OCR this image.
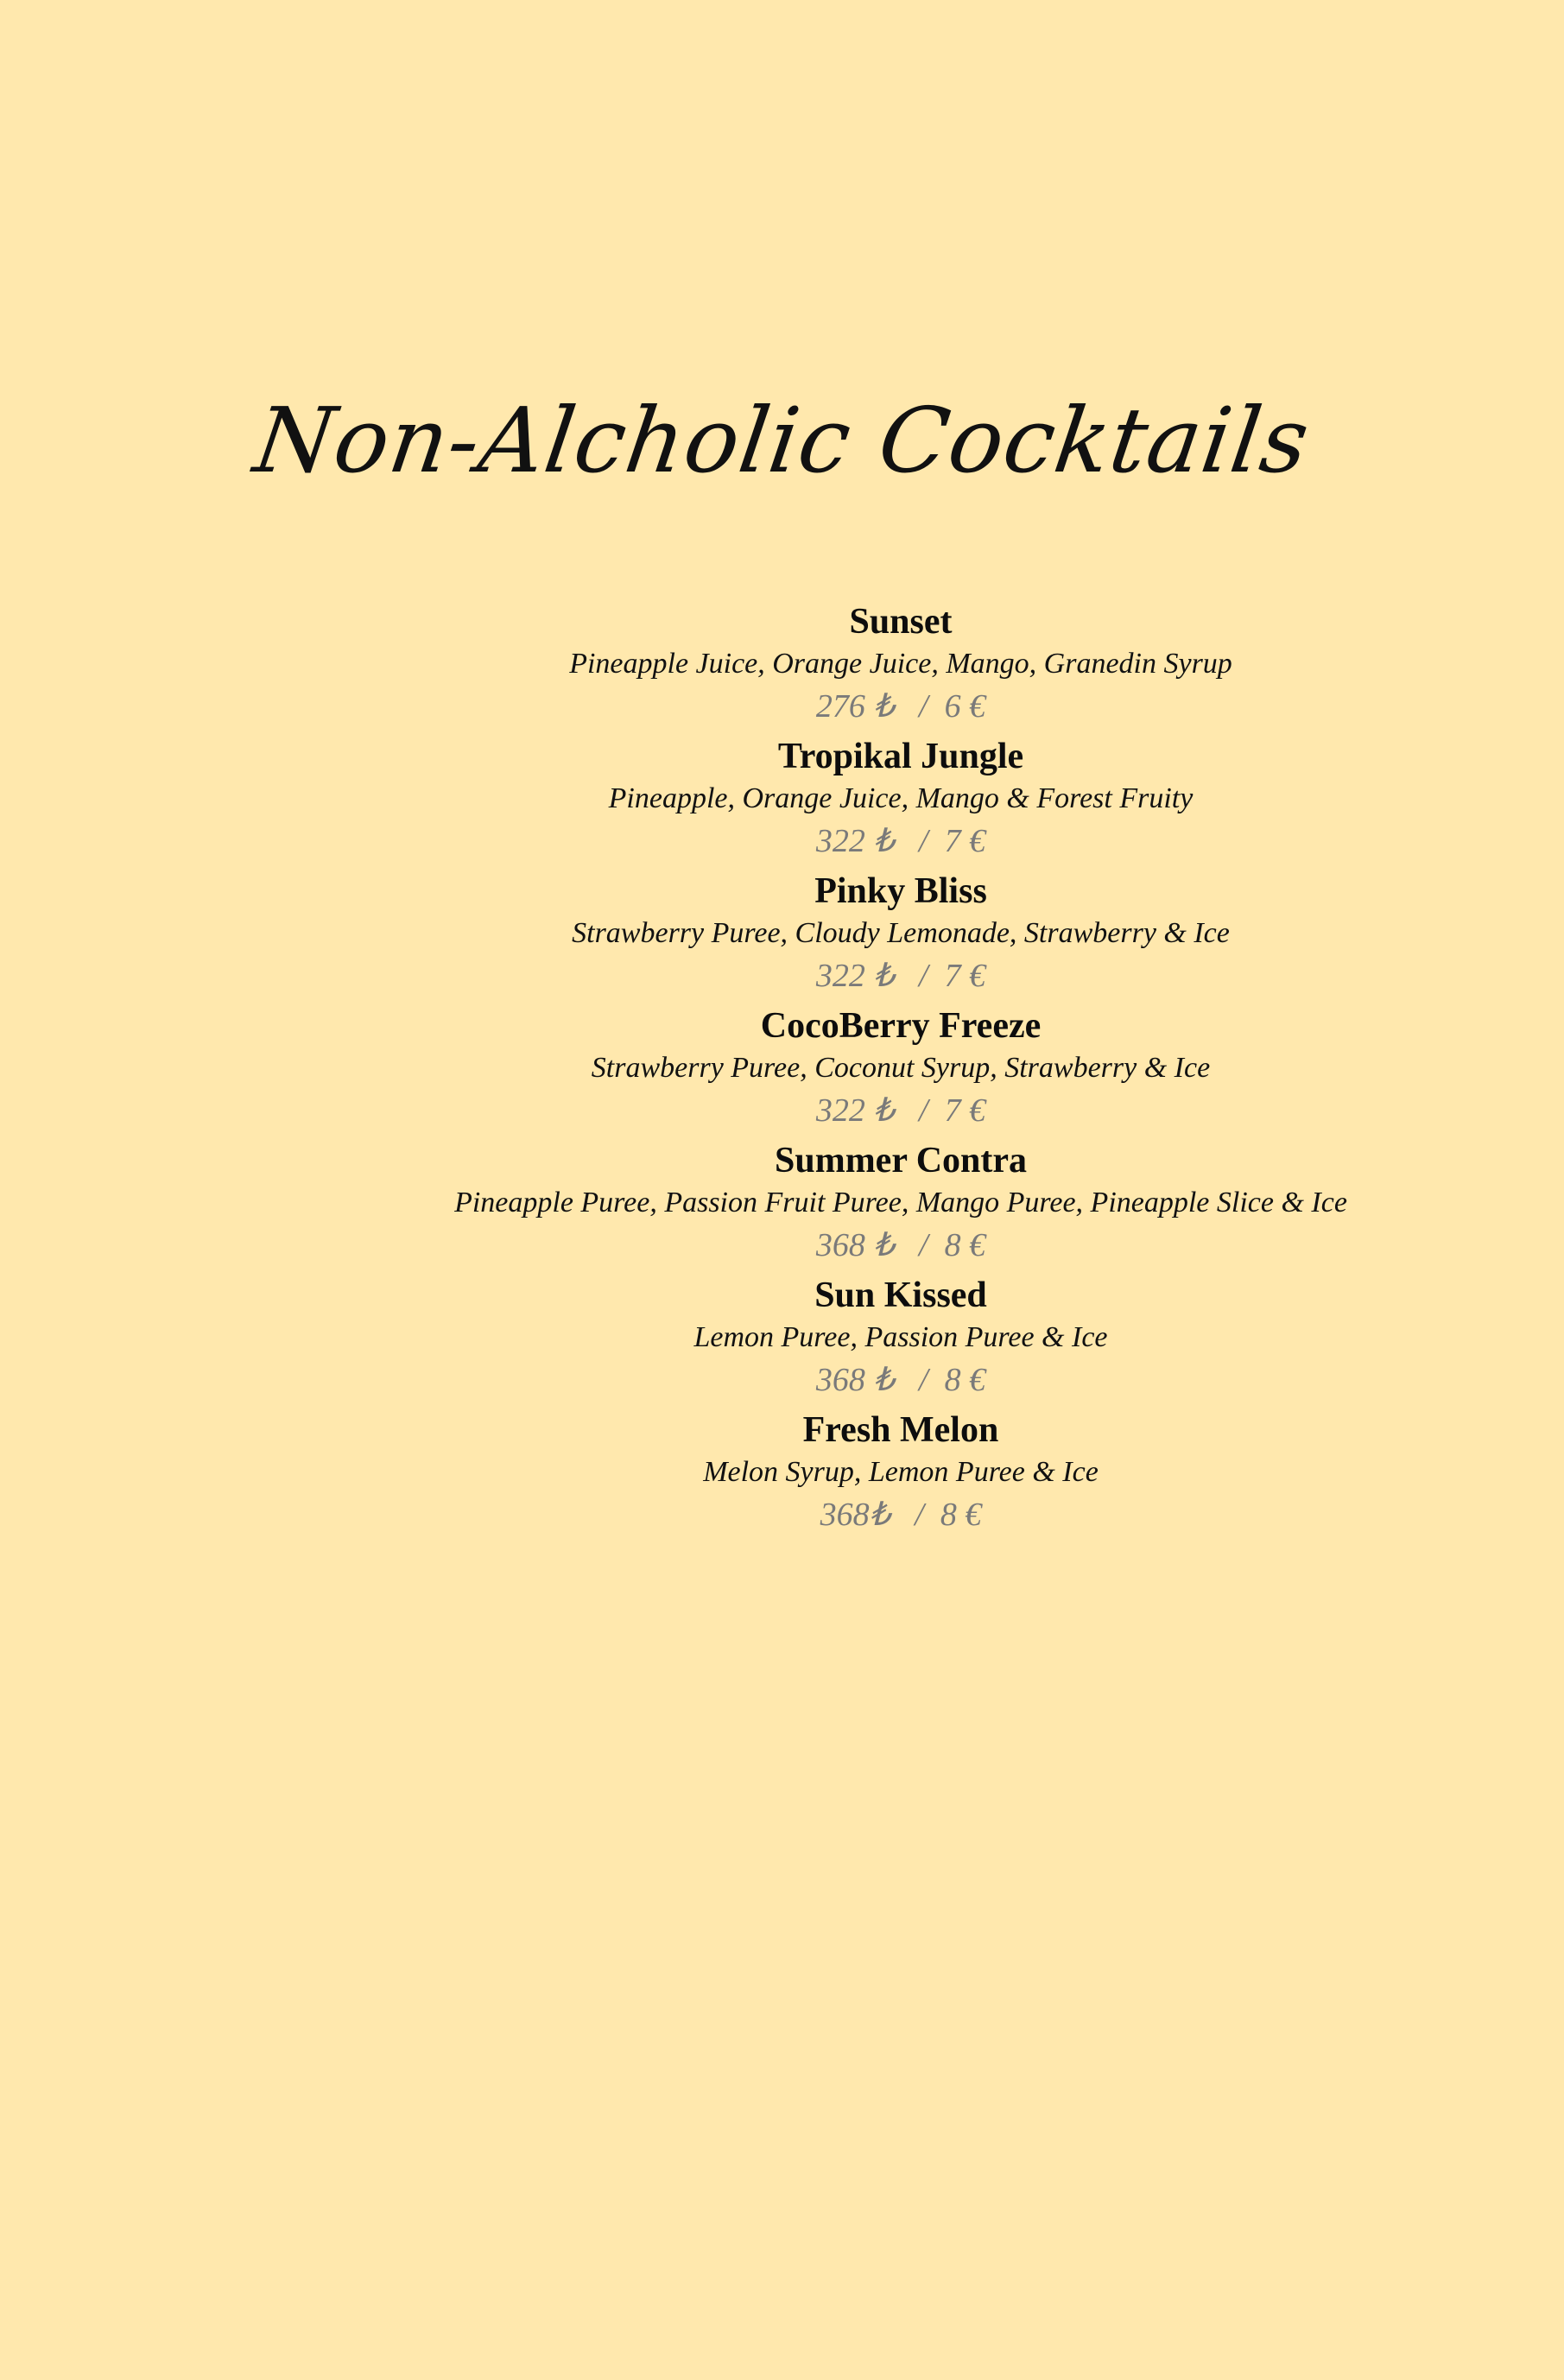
Non-Alcholic Cocktails
Sunset
Pineapple Juice, Orange Juice, Mango, Granedin Syrup
276 ₺   /  6 €
Tropikal Jungle
Pineapple, Orange Juice, Mango & Forest Fruity
322 ₺   /  7 €
Pinky Bliss
Strawberry Puree, Cloudy Lemonade, Strawberry & Ice
322 ₺   /  7 €
CocoBerry Freeze
Strawberry Puree, Coconut Syrup, Strawberry & Ice
322 ₺   /  7 €
Summer Contra
Pineapple Puree, Passion Fruit Puree, Mango Puree, Pineapple Slice & Ice
368 ₺   /  8 €
Sun Kissed
Lemon Puree, Passion Puree & Ice
368 ₺   /  8 €
Fresh Melon
Melon Syrup, Lemon Puree & Ice
368₺   /  8 €
